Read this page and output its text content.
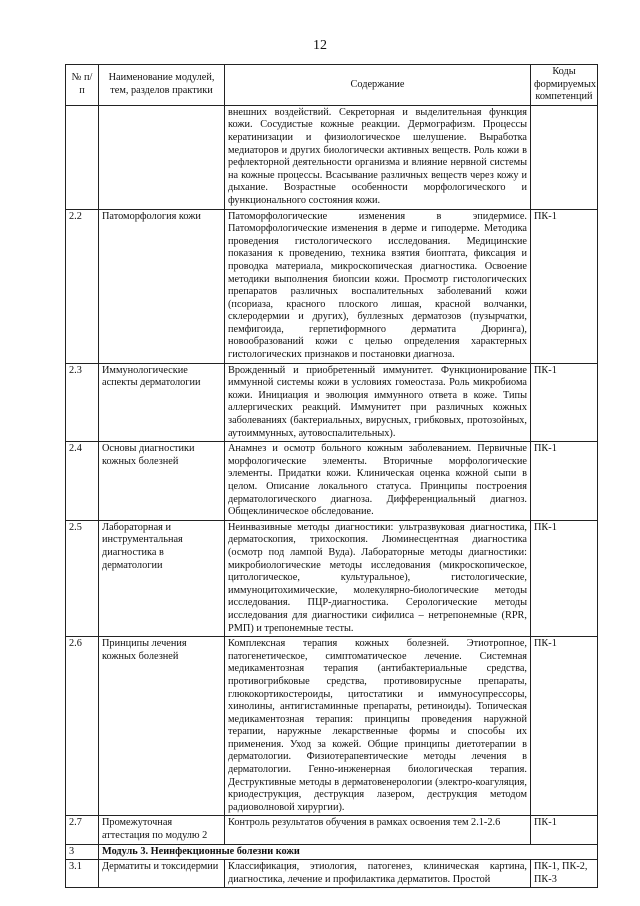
12
№ п/п	Наименование модулей, тем, разделов практики	Содержание	Коды формируемых компетенций
		внешних воздействий. Секреторная и выделительная функция кожи. Сосудистые кожные реакции. Дермографизм. Процессы кератинизации и физиологическое шелушение. Выработка медиаторов и других биологически активных веществ. Роль кожи в рефлекторной деятельности организма и влияние нервной системы на кожные процессы. Всасывание различных веществ через кожу и дыхание. Возрастные особенности морфологического и функционального состояния кожи.	
2.2	Патоморфология кожи	Патоморфологические изменения в эпидермисе. Патоморфологические изменения в дерме и гиподерме. Методика проведения гистологического исследования. Медицинские показания к проведению, техника взятия биоптата, фиксация и проводка материала, микроскопическая диагностика. Освоение методики выполнения биопсии кожи. Просмотр гистологических препаратов различных воспалительных заболеваний кожи (псориаза, красного плоского лишая, красной волчанки, склеродермии и других), буллезных дерматозов (пузырчатки, пемфигоида, герпетиформного дерматита Дюринга), новообразований кожи с целью определения характерных гистологических признаков и постановки диагноза.	ПК-1
2.3	Иммунологические аспекты дерматологии	Врожденный и приобретенный иммунитет. Функционирование иммунной системы кожи в условиях гомеостаза. Роль микробиома кожи. Инициация и эволюция иммунного ответа в коже. Типы аллергических реакций. Иммунитет при различных кожных заболеваниях (бактериальных, вирусных, грибковых, протозойных, аутоиммунных, аутовоспалительных).	ПК-1
2.4	Основы диагностики кожных болезней	Анамнез и осмотр больного кожным заболеванием. Первичные морфологические элементы. Вторичные морфологические элементы. Придатки кожи. Клиническая оценка кожной сыпи в целом. Описание локального статуса. Принципы построения дерматологического диагноза. Дифференциальный диагноз. Общеклиническое обследование.	ПК-1
2.5	Лабораторная и инструментальная диагностика в дерматологии	Неинвазивные методы диагностики: ультразвуковая диагностика, дерматоскопия, трихоскопия. Люминесцентная диагностика (осмотр под лампой Вуда). Лабораторные методы диагностики: микробиологические методы исследования (микроскопическое, цитологическое, культуральное), гистологические, иммуноцитохимические, молекулярно-биологические методы исследования. ПЦР-диагностика. Серологические методы исследования для диагностики сифилиса – нетрепонемные (RPR, РМП) и трепонемные тесты.	ПК-1
2.6	Принципы лечения кожных болезней	Комплексная терапия кожных болезней. Этиотропное, патогенетическое, симптоматическое лечение. Системная медикаментозная терапия (антибактериальные средства, противогрибковые средства, противовирусные препараты, глюкокортикостероиды, цитостатики и иммуносупрессоры, хинолины, антигистаминные препараты, ретиноиды). Топическая медикаментозная терапия: принципы проведения наружной терапии, наружные лекарственные формы и способы их применения. Уход за кожей. Общие принципы диетотерапии в дерматологии. Физиотерапевтические методы лечения в дерматологии. Генно-инженерная биологическая терапия. Деструктивные методы в дерматовенерологии (электро-коагуляция, криодеструкция, деструкция лазером, деструкция методом радиоволновой хирургии).	ПК-1
2.7	Промежуточная аттестация по модулю 2	Контроль результатов обучения в рамках освоения тем 2.1-2.6	ПК-1
3	Модуль 3. Неинфекционные болезни кожи		
3.1	Дерматиты и токсидермии	Классификация, этиология, патогенез, клиническая картина, диагностика, лечение и профилактика дерматитов. Простой	ПК-1, ПК-2, ПК-3
